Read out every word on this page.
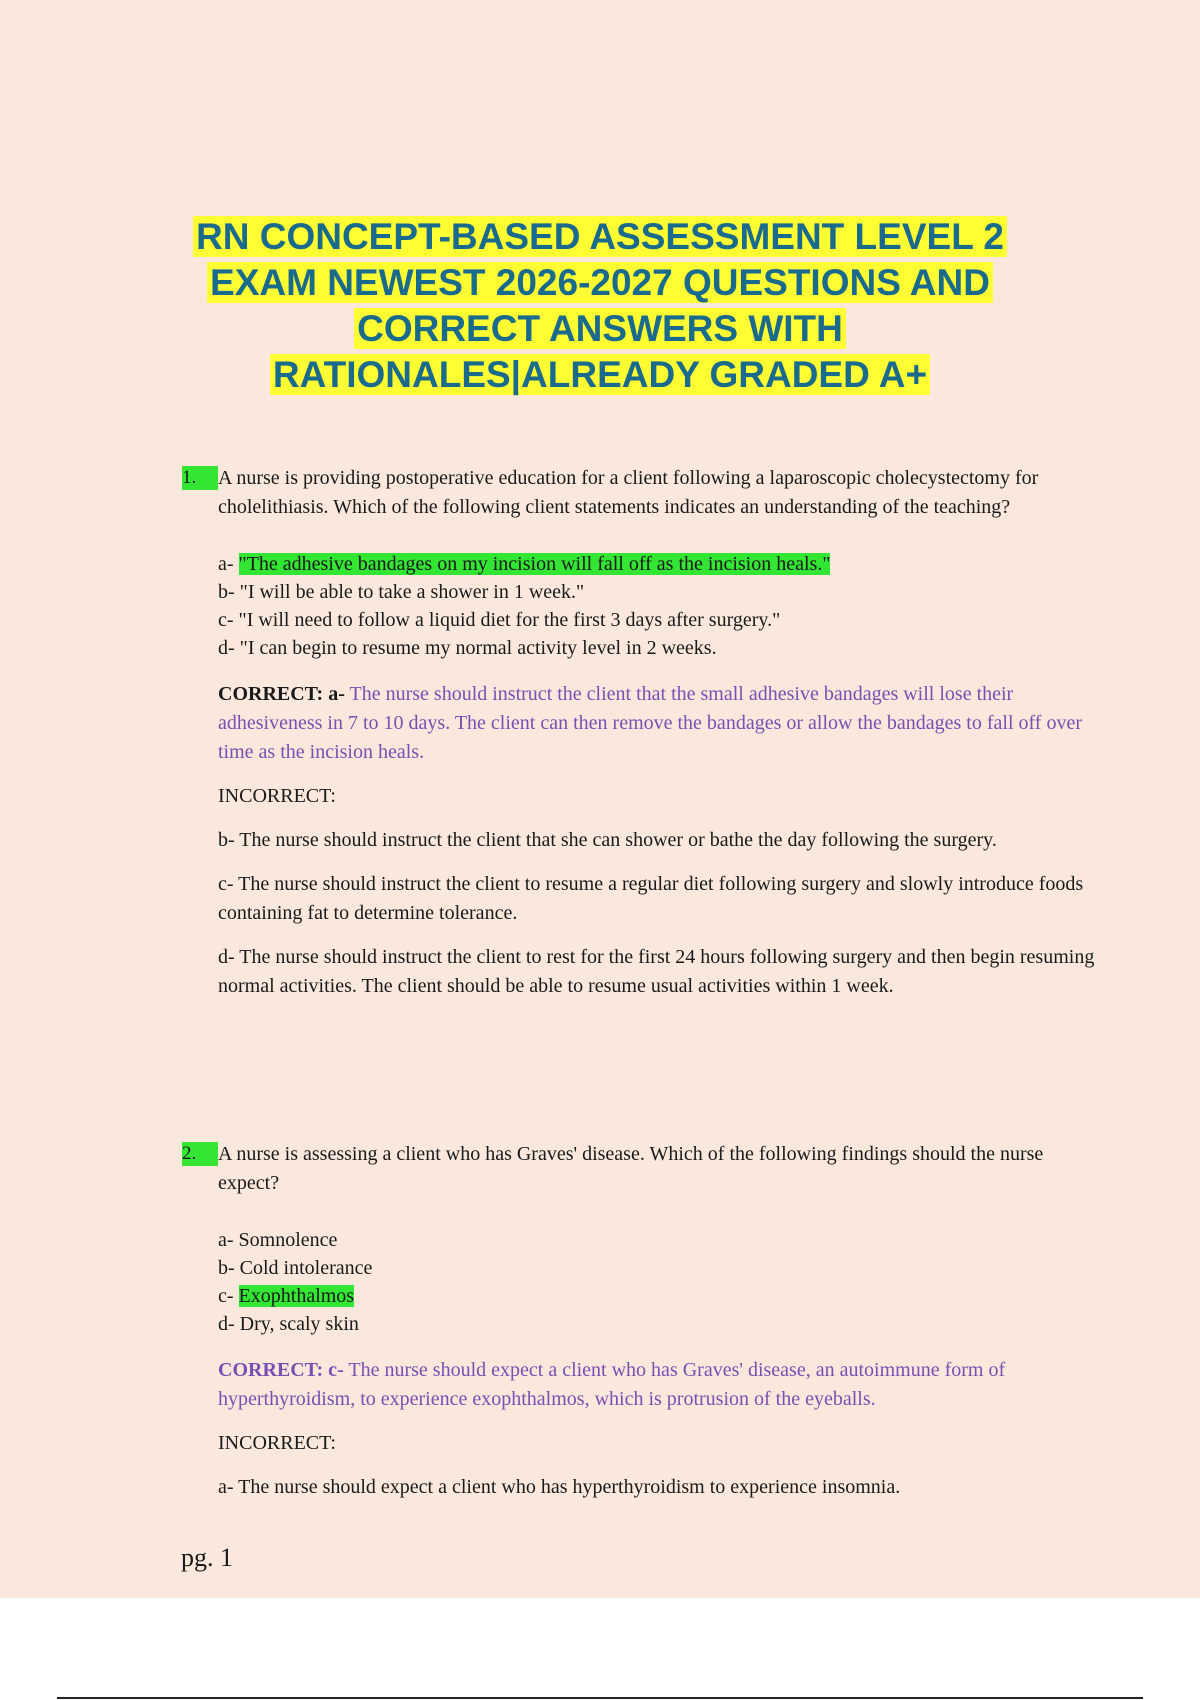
RN CONCEPT-BASED ASSESSMENT LEVEL 2
EXAM NEWEST 2026-2027 QUESTIONS AND
CORRECT ANSWERS WITH
RATIONALES|ALREADY GRADED A+
1.	A nurse is providing postoperative education for a client following a laparoscopic cholecystectomy for cholelithiasis. Which of the following client statements indicates an understanding of the teaching?

a- "The adhesive bandages on my incision will fall off as the incision heals."
b- "I will be able to take a shower in 1 week."
c- "I will need to follow a liquid diet for the first 3 days after surgery."
d- "I can begin to resume my normal activity level in 2 weeks.

CORRECT: a- The nurse should instruct the client that the small adhesive bandages will lose their adhesiveness in 7 to 10 days. The client can then remove the bandages or allow the bandages to fall off over time as the incision heals.

INCORRECT:

b- The nurse should instruct the client that she can shower or bathe the day following the surgery.

c- The nurse should instruct the client to resume a regular diet following surgery and slowly introduce foods containing fat to determine tolerance.

d- The nurse should instruct the client to rest for the first 24 hours following surgery and then begin resuming normal activities. The client should be able to resume usual activities within 1 week.

2.	A nurse is assessing a client who has Graves' disease. Which of the following findings should the nurse expect?

a- Somnolence
b- Cold intolerance
c- Exophthalmos
d- Dry, scaly skin

CORRECT: c- The nurse should expect a client who has Graves' disease, an autoimmune form of hyperthyroidism, to experience exophthalmos, which is protrusion of the eyeballs.

INCORRECT:

a- The nurse should expect a client who has hyperthyroidism to experience insomnia.

pg. 1
